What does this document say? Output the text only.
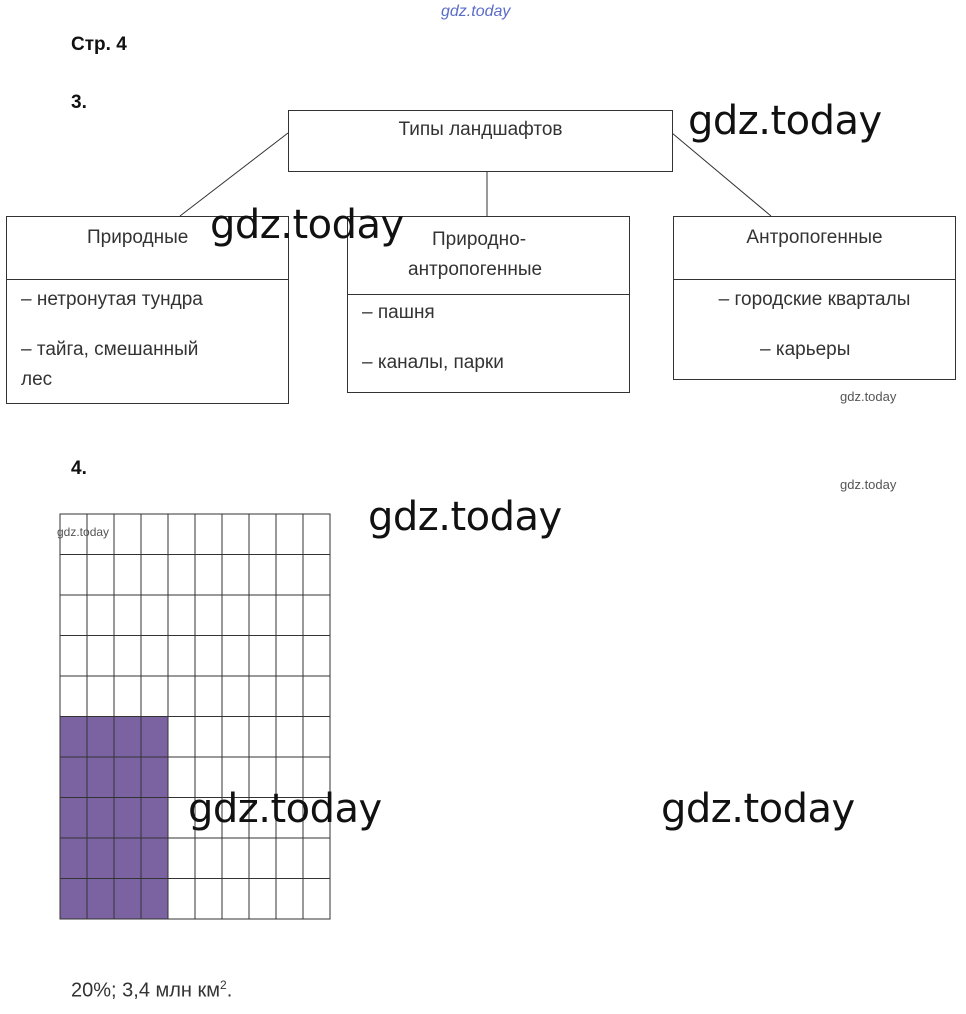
gdz.today
Стр. 4
3.
Типы ландшафтов
Природные
– нетронутая тундра
– тайга, смешанный
лес
Природно-
антропогенные
– пашня
– каналы, парки
Антропогенные
– городские кварталы
– карьеры
4.
20%; 3,4 млн $км^2$.
gdz.today
gdz.today
gdz.today
gdz.today
gdz.today
gdz.today
gdz.today	gdz.today
